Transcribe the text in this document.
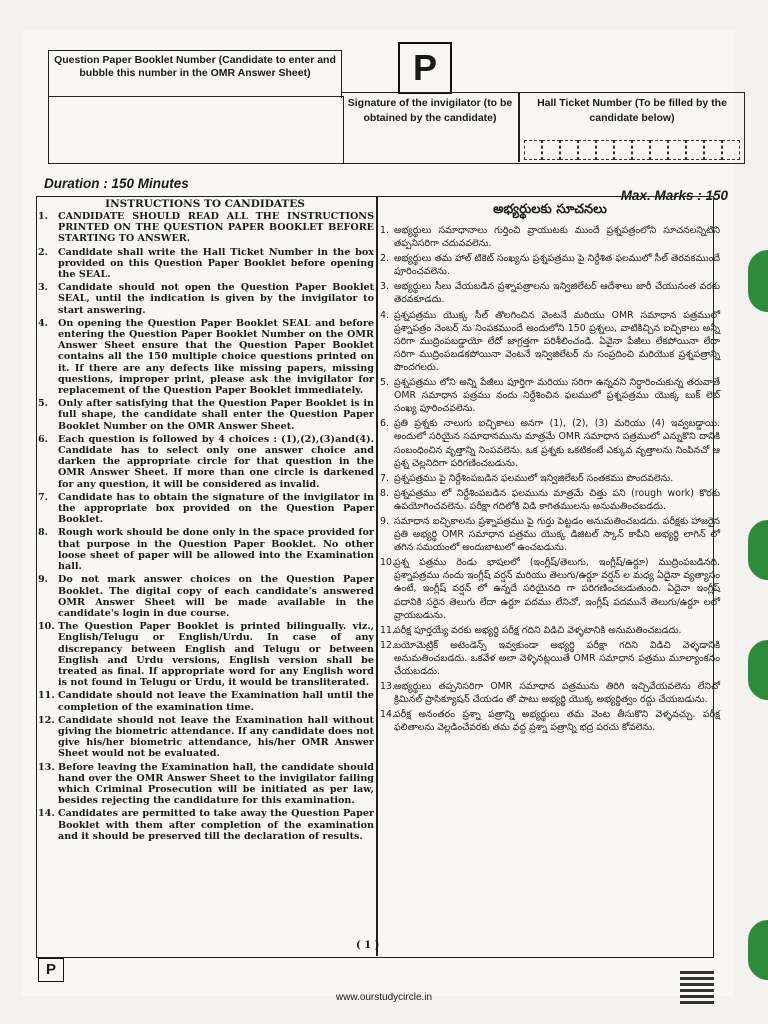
Question Paper Booklet Number (Candidate to enter and bubble this number in the OMR Answer Sheet)	P
Signature of the invigilator (to be obtained by the candidate)
Hall Ticket Number (To be filled by the candidate below)
Duration : 150 Minutes
Max. Marks : 150
INSTRUCTIONS TO CANDIDATES
1. CANDIDATE SHOULD READ ALL THE INSTRUCTIONS PRINTED ON THE QUESTION PAPER BOOKLET BEFORE STARTING TO ANSWER.
2. Candidate shall write the Hall Ticket Number in the box provided on this Question Paper Booklet before opening the SEAL.
3. Candidate should not open the Question Paper Booklet SEAL, until the indication is given by the invigilator to start answering.
4. On opening the Question Paper Booklet SEAL and before entering the Question Paper Booklet Number on the OMR Answer Sheet ensure that the Question Paper Booklet contains all the 150 multiple choice questions printed on it. If there are any defects like missing papers, missing questions, improper print, please ask the invigilator for replacement of the Question Paper Booklet immediately.
5. Only after satisfying that the Question Paper Booklet is in full shape, the candidate shall enter the Question Paper Booklet Number on the OMR Answer Sheet.
6. Each question is followed by 4 choices : (1),(2),(3)and(4). Candidate has to select only one answer choice and darken the appropriate circle for that question in the OMR Answer Sheet. If more than one circle is darkened for any question, it will be considered as invalid.
7. Candidate has to obtain the signature of the invigilator in the appropriate box provided on the Question Paper Booklet.
8. Rough work should be done only in the space provided for that purpose in the Question Paper Booklet. No other loose sheet of paper will be allowed into the Examination hall.
9. Do not mark answer choices on the Question Paper Booklet. The digital copy of each candidate's answered OMR Answer Sheet will be made available in the candidate's login in due course.
10. The Question Paper Booklet is printed bilingually. viz., English/Telugu or English/Urdu. In case of any discrepancy between English and Telugu or between English and Urdu versions, English version shall be treated as final. If appropriate word for any English word is not found in Telugu or Urdu, it would be transliterated.
11. Candidate should not leave the Examination hall until the completion of the examination time.
12. Candidate should not leave the Examination hall without giving the biometric attendance. If any candidate does not give his/her biometric attendance, his/her OMR Answer Sheet would not be evaluated.
13. Before leaving the Examination hall, the candidate should hand over the OMR Answer Sheet to the invigilator failing which Criminal Prosecution will be initiated as per law, besides rejecting the candidature for this examination.
14. Candidates are permitted to take away the Question Paper Booklet with them after completion of the examination and it should be preserved till the declaration of results.
అభ్యర్థులకు సూచనలు
1. అభ్యర్థులు సమాధానాలు గుర్తించి వ్రాయుటకు ముందే ప్రశ్నపత్రంలోని సూచనలన్నిటిని తప్పనిసరిగా చదువవలెను.
2. అభ్యర్థులు తమ హాల్ టికెట్ సంఖ్యను ప్రశ్నపత్రము పై నిర్దేశిత ఫలములో సీల్ తెరవకముందే పూరించవలెను.
3. అభ్యర్థులు సీలు వేయబడిన ప్రశ్నాపత్రాలను ఇన్విజిలేటర్ ఆదేశాలు జారీ చేయునంత వరకు తెరవకూడదు.
4. ప్రశ్నపత్రము యొక్క సీల్ తొలగించిన వెంటనే మరియు OMR సమాధాన పత్రములో ప్రశ్నాపత్రం నెంబర్ ను నింపకముందే అందులోని 150 ప్రశ్నలు, వాటికిచ్చిన ఐచ్ఛికాలు అన్నీ సరిగా ముద్రింపబడ్డాయో లేదో జాగ్రత్తగా పరిశీలించండి. ఏవైనా పేజీలు లేకపోయినా లేదా సరిగా ముద్రింపబడకపోయినా వెంటనే ఇన్విజిలేటర్ ను సంప్రదించి మరియొక ప్రశ్నపత్రాన్ని పొందగలరు.
5. ప్రశ్నపత్రము లోని అన్ని పేజీలు పూర్తిగా మరియు సరిగా ఉన్నవని నిర్ధారించుకున్న తరువాతే OMR సమాధాన పత్రము నందు నిర్దేశించిన ఫలములో ప్రశ్నపత్రము యొక్క బుక్ లెట్ సంఖ్య పూరించవలెను.
6. ప్రతి ప్రశ్నకు నాలుగు ఐచ్ఛికాలు అనగా (1), (2), (3) మరియు (4) ఇవ్వబడ్డాయి. అందులో సరియైన సమాధానమును మాత్రమే OMR సమాధాన పత్రములో ఎన్నుకొని దానికి సంబంధించిన వృత్తాన్ని నింపవలెను. ఒక ప్రశ్నకు ఒకటికంటే ఎక్కువ వృత్తాలను నింపినచో ఆ ప్రశ్న చెల్లనిదిగా పరిగణించబడును.
7. ప్రశ్నపత్రము పై నిర్దేశింపబడిన ఫలములో ఇన్విజిలేటర్ సంతకము పొందవలెను.
8. ప్రశ్నపత్రము లో నిర్దేశింపబడిన ఫలమును మాత్రమే చిత్తు పని (rough work) కొరకు ఉపయోగించవలెను. పరీక్షా గదిలోకి విడి కాగితములను అనుమతించబడదు.
9. సమాధాన ఐచ్ఛికాలను ప్రశ్నాపత్రము పై గుర్తు పెట్టడం అనుమతించబడదు. పరీక్షకు హాజరైన ప్రతి అభ్యర్థి OMR సమాధాన పత్రము యొక్క డిజిటల్ స్కాన్ కాపీని అభ్యర్థి లాగిన్ లో తగిన సమయంలో అందుబాటులో ఉంచబడును.
10. ప్రశ్న పత్రము రెండు భాషలలో (ఇంగ్లీష్/తెలుగు, ఇంగ్లీష్/ఉర్దూ) ముద్రింపబడినది. ప్రశ్నాపత్రము నందు ఇంగ్లీష్ వర్షన్ మరియు తెలుగు/ఉర్దూ వర్షన్ ల మధ్య ఏదైనా వ్యత్యాసం ఉంటే, ఇంగ్లీష్ వర్షన్ లో ఉన్నదే సరియైనది గా పరిగణించబడుతుంది. ఏదైనా ఇంగ్లీష్ పదానికి సరైన తెలుగు లేదా ఉర్దూ పదము లేనిచో, ఇంగ్లీష్ పదమునే తెలుగు/ఉర్దూ లలో వ్రాయబడును.
11. పరీక్ష పూర్తయ్యే వరకు అభ్యర్థి పరీక్ష గదిని విడిచి వెళ్ళటానికి అనుమతించబడదు.
12. బయోమెట్రిక్ అటెండెన్స్ ఇవ్వకుండా అభ్యర్థి పరీక్షా గదిని విడిచి వెళ్ళడానికి అనుమతించబడదు. ఒకవేళ అలా వెళ్ళినట్లయితే OMR సమాధాన పత్రము మూల్యాంకనం చేయబడదు.
13. అభ్యర్థులు తప్పనిసరిగా OMR సమాధాన పత్రమును తిరిగి ఇచ్చివేయవలెను లేనిచో క్రిమినల్ ప్రాసిక్యూషన్ చేయడం తో పాటు అభ్యర్థి యొక్క అభ్యర్థిత్వం రద్దు చేయబడును.
14. పరీక్ష అనంతరం ప్రశ్నా పత్రాన్ని అభ్యర్థులు తమ వెంట తీసుకొని వెళ్ళవచ్చు. పరీక్ష ఫలితాలను వెల్లడించేవరకు తమ వద్ద ప్రశ్నా పత్రాన్ని భద్ర పరచు కోవలెను.
( 1 )
P
www.ourstudycircle.in
